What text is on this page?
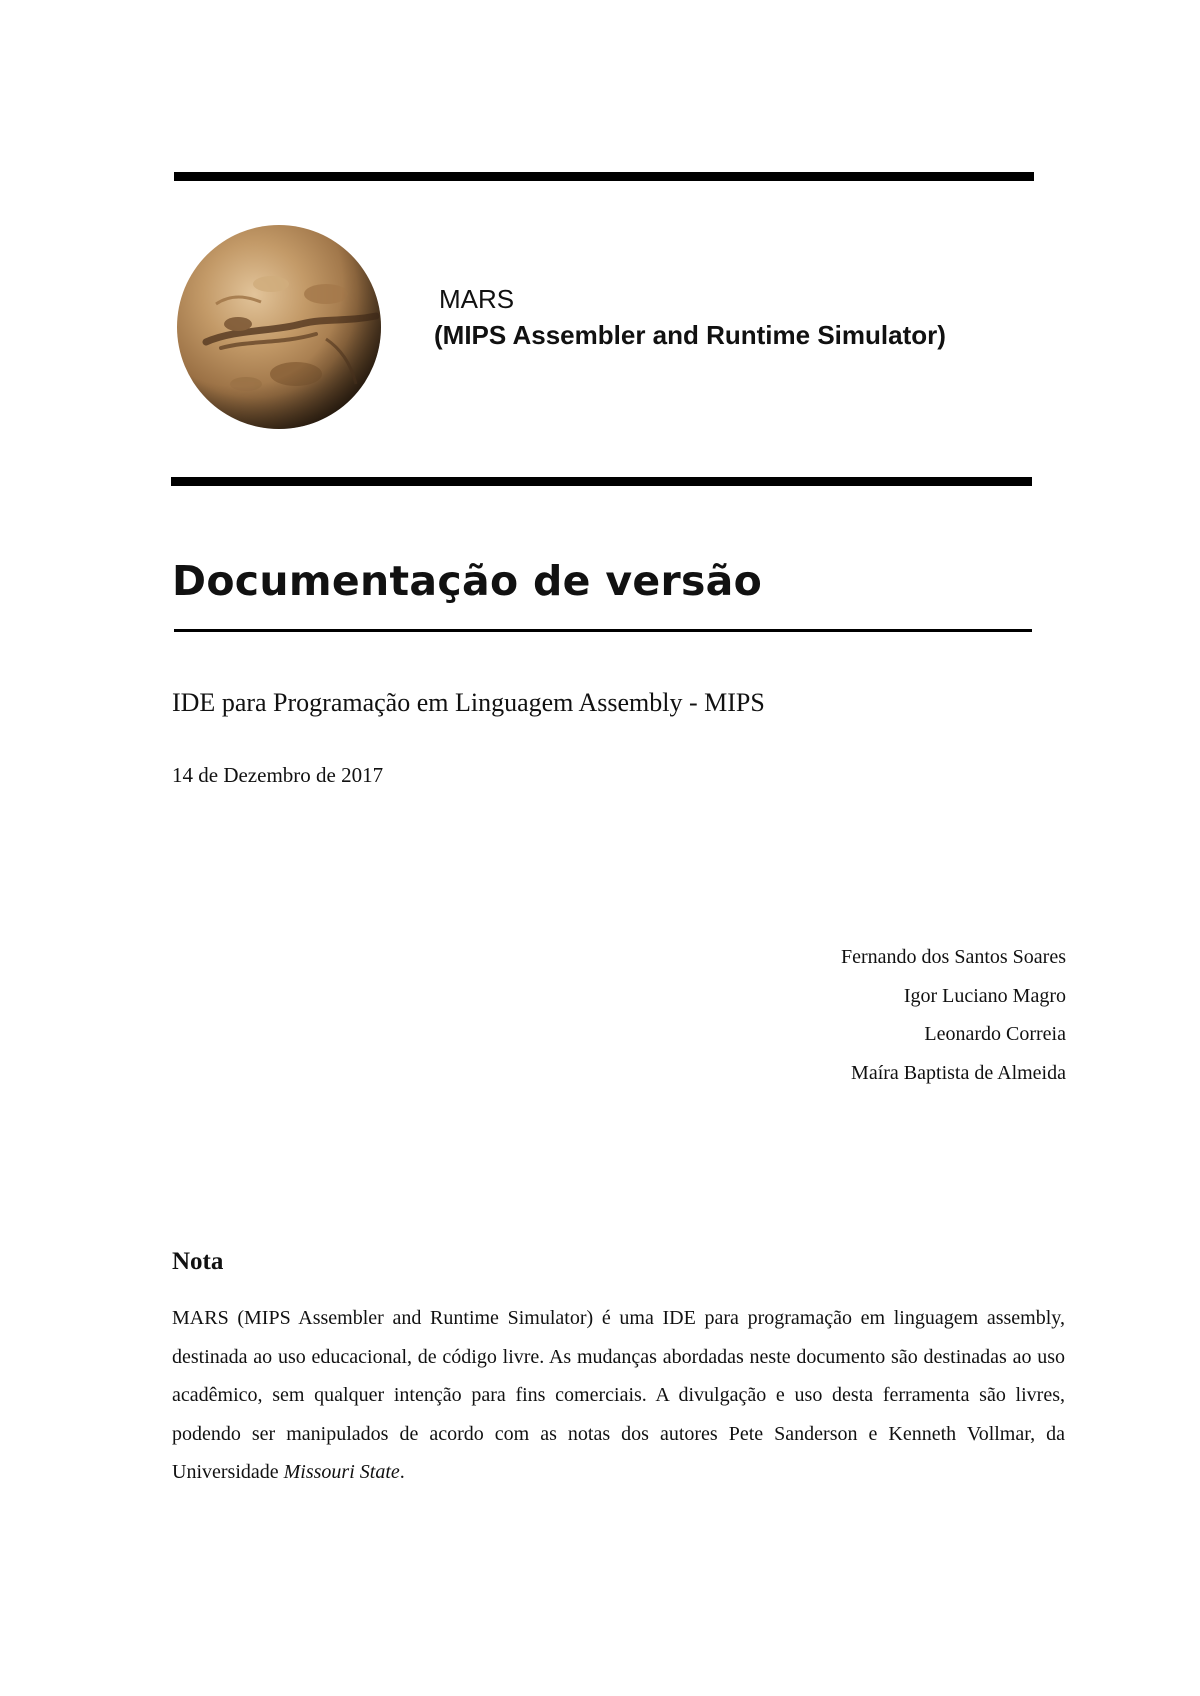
MARS
(MIPS Assembler and Runtime Simulator)
Documentação de versão
IDE para Programação em Linguagem Assembly - MIPS
14 de Dezembro de 2017
Fernando dos Santos Soares
Igor Luciano Magro
Leonardo Correia
Maíra Baptista de Almeida
Nota
MARS (MIPS Assembler and Runtime Simulator) é uma IDE para programação em linguagem assembly, destinada ao uso educacional, de código livre. As mudanças abordadas neste documento são destinadas ao uso acadêmico, sem qualquer intenção para fins comerciais. A divulgação e uso desta ferramenta são livres, podendo ser manipulados de acordo com as notas dos autores Pete Sanderson e Kenneth Vollmar, da Universidade Missouri State.
